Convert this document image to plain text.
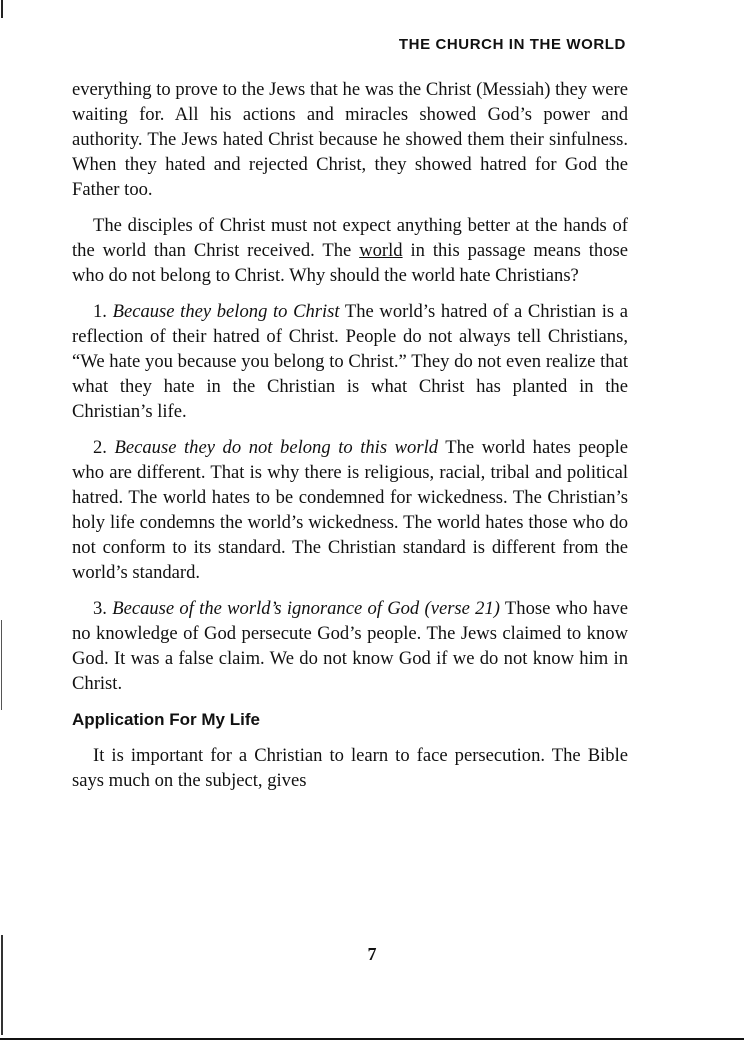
THE CHURCH IN THE WORLD

everything to prove to the Jews that he was the Christ (Messiah) they were waiting for. All his actions and miracles showed God’s power and authority. The Jews hated Christ because he showed them their sinfulness. When they hated and rejected Christ, they showed hatred for God the Father too.

The disciples of Christ must not expect anything better at the hands of the world than Christ received. The world in this passage means those who do not belong to Christ. Why should the world hate Christians?

1. Because they belong to Christ The world’s hatred of a Christian is a reflection of their hatred of Christ. People do not always tell Christians, “We hate you because you belong to Christ.” They do not even realize that what they hate in the Christian is what Christ has planted in the Christian’s life.

2. Because they do not belong to this world The world hates people who are different. That is why there is religious, racial, tribal and political hatred. The world hates to be condemned for wickedness. The Christian’s holy life condemns the world’s wickedness. The world hates those who do not conform to its standard. The Christian standard is different from the world’s standard.

3. Because of the world’s ignorance of God (verse 21) Those who have no knowledge of God persecute God’s people. The Jews claimed to know God. It was a false claim. We do not know God if we do not know him in Christ.

Application For My Life

It is important for a Christian to learn to face persecution. The Bible says much on the subject, gives

7
